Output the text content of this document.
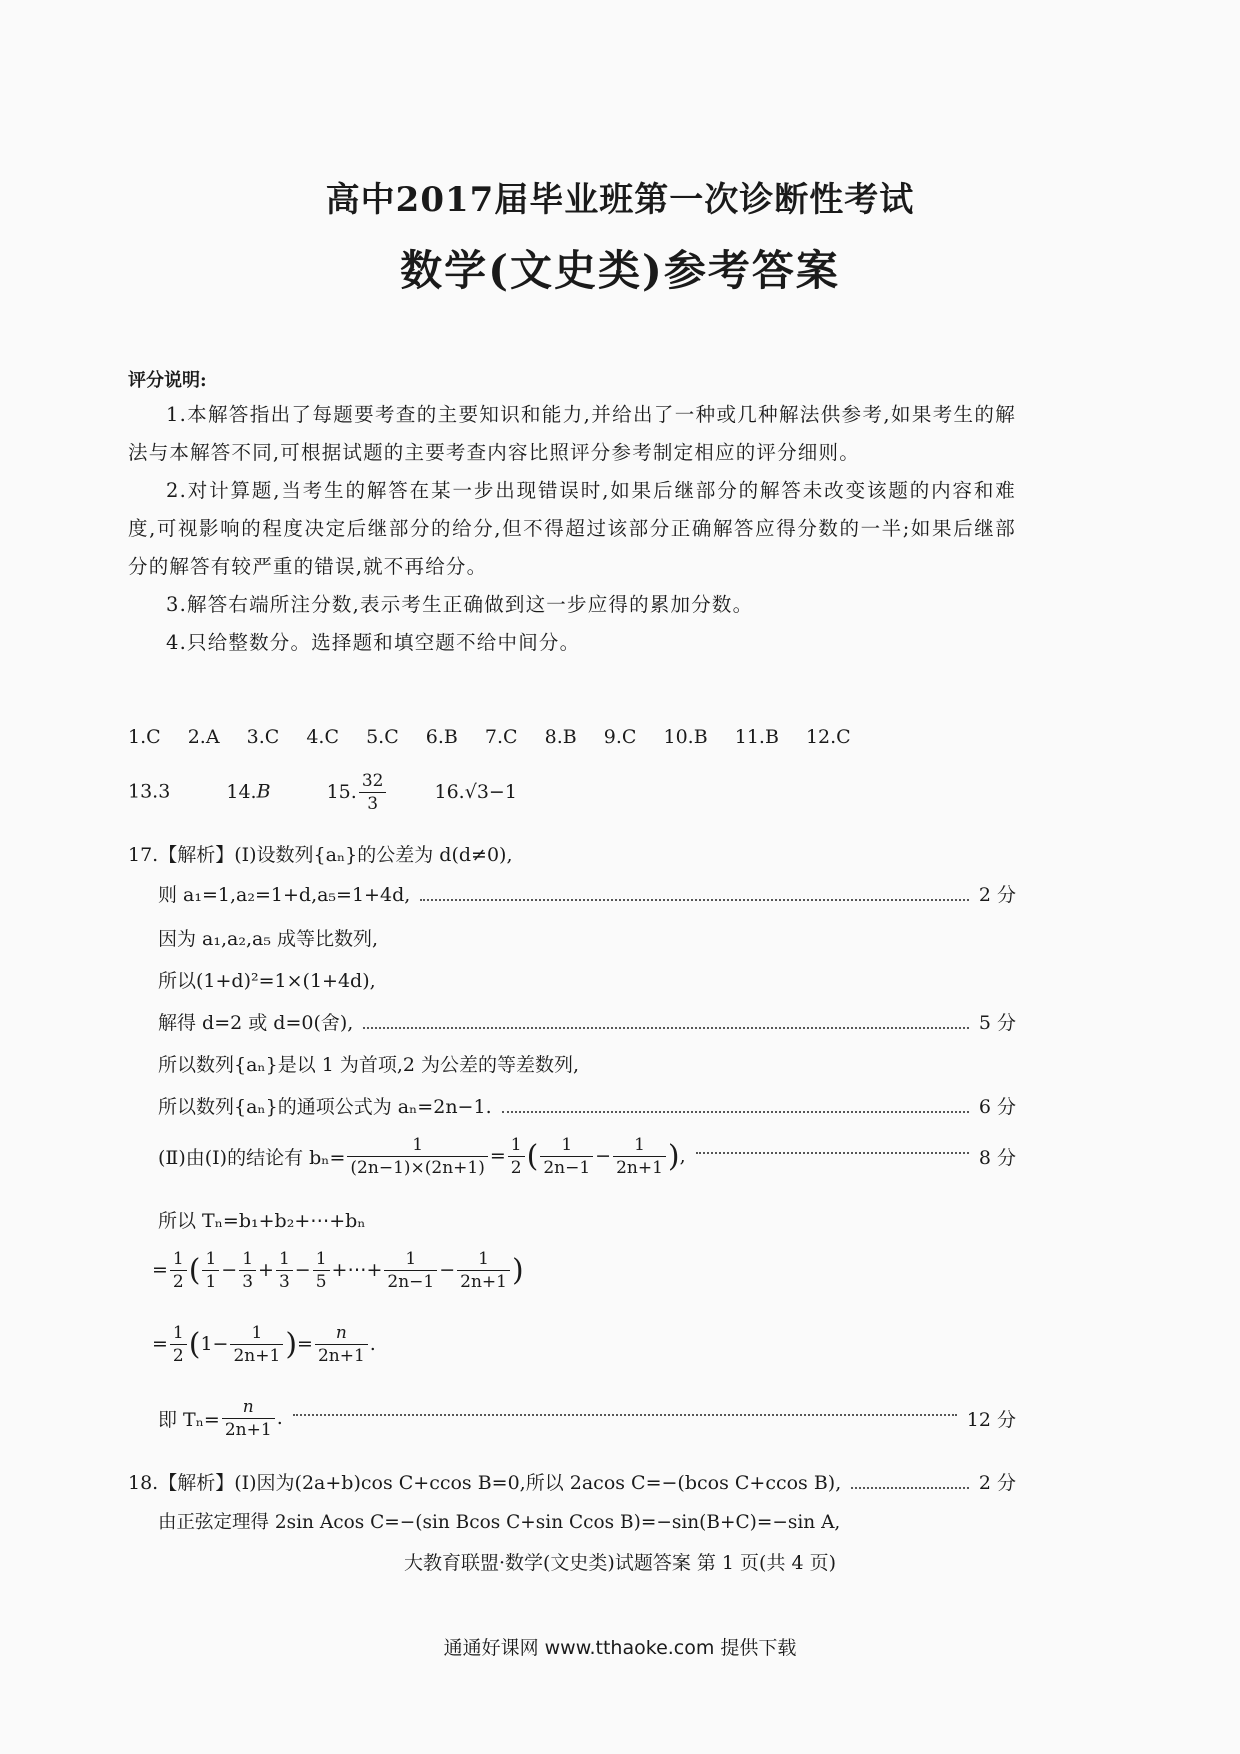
高中2017届毕业班第一次诊断性考试
数学(文史类)参考答案
评分说明:
1.本解答指出了每题要考查的主要知识和能力,并给出了一种或几种解法供参考,如果考生的解法与本解答不同,可根据试题的主要考查内容比照评分参考制定相应的评分细则。
2.对计算题,当考生的解答在某一步出现错误时,如果后继部分的解答未改变该题的内容和难度,可视影响的程度决定后继部分的给分,但不得超过该部分正确解答应得分数的一半;如果后继部分的解答有较严重的错误,就不再给分。
3.解答右端所注分数,表示考生正确做到这一步应得的累加分数。
4.只给整数分。选择题和填空题不给中间分。
1.C 2.A 3.C 4.C 5.C 6.B 7.C 8.B 9.C 10.B 11.B 12.C
13.3	14.B	15. $\frac{32}{3}$	16.√3−1
17.【解析】(Ⅰ)设数列{aₙ}的公差为 d(d≠0),
则 a₁=1,a₂=1+d,a₅=1+4d,	2 分
因为 a₁,a₂,a₅ 成等比数列,
所以(1+d)²=1×(1+4d),
解得 d=2 或 d=0(舍),	5 分
所以数列{aₙ}是以 1 为首项,2 为公差的等差数列,
所以数列{aₙ}的通项公式为 aₙ=2n−1.	6 分
(Ⅱ)由(Ⅰ)的结论有 $b_n= \frac{1}{(2n-1)\times(2n+1)} = \frac{1}{2}$ ( $\frac{1}{2n-1} - \frac{1}{2n+1}$ ) ,	8 分
所以 Tₙ=b₁+b₂+⋯+bₙ
= $\frac{1}{2}$ ( $\frac{1}{1} - \frac{1}{3} + \frac{1}{3} - \frac{1}{5}$ +⋯+ $\frac{1}{2n-1} - \frac{1}{2n+1}$ )
= $\frac{1}{2}$ ( $1- \frac{1}{2n+1}$ ) = $\frac{n}{2n+1}$ .
即 $T_n= \frac{n}{2n+1}$ .	12 分
18.【解析】(Ⅰ)因为(2a+b)cos C+ccos B=0,所以 2acos C=−(bcos C+ccos B),	2 分
由正弦定理得 2sin Acos C=−(sin Bcos C+sin Ccos B)=−sin(B+C)=−sin A,
大教育联盟·数学(文史类)试题答案 第 1 页(共 4 页)
通通好课网 www.tthaoke.com 提供下载
